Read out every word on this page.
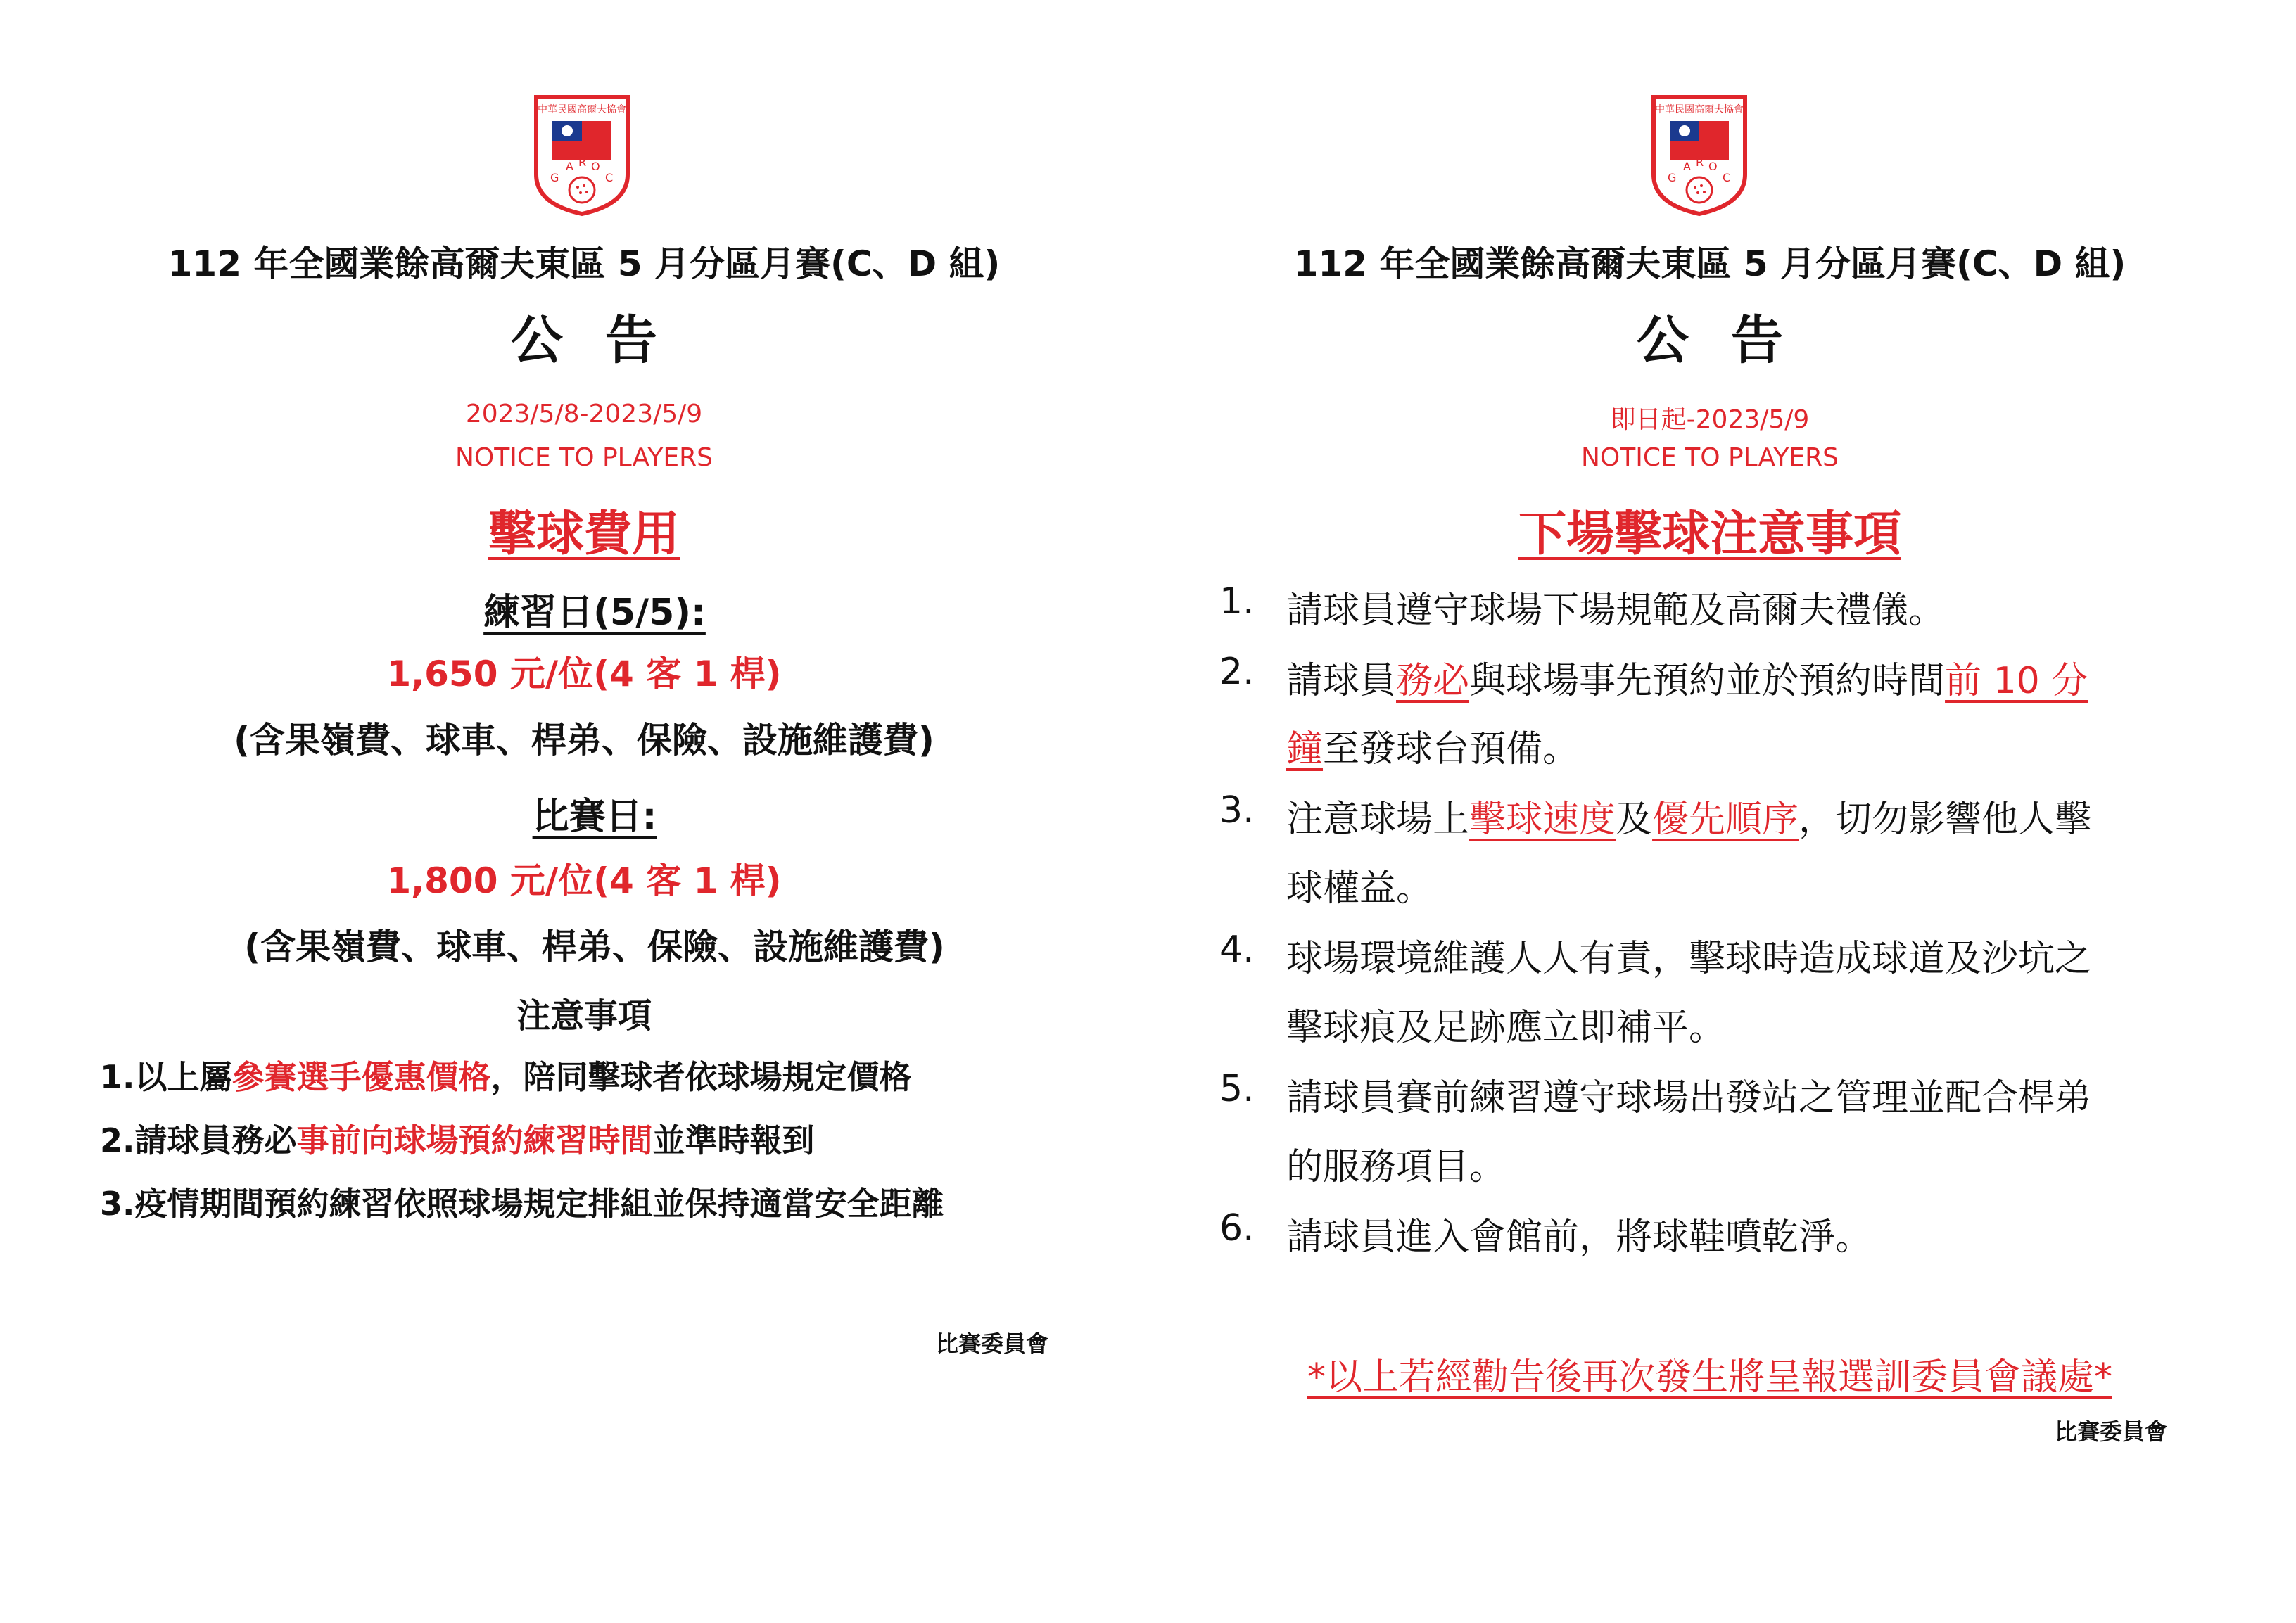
中華民國高爾夫協會
G
A R O
C
112 年全國業餘高爾夫東區 5 月分區月賽(C、D 組)
公告
2023/5/8-2023/5/9
NOTICE TO PLAYERS
擊球費用
練習日(5/5):
1,650 元/位(4 客 1 桿)
(含果嶺費、球車、桿弟、保險、設施維護費)
比賽日:
1,800 元/位(4 客 1 桿)
(含果嶺費、球車、桿弟、保險、設施維護費)
注意事項
1.以上屬參賽選手優惠價格，陪同擊球者依球場規定價格
2.請球員務必事前向球場預約練習時間並準時報到
3.疫情期間預約練習依照球場規定排組並保持適當安全距離
比賽委員會
中華民國高爾夫協會
G
A R O
C
112 年全國業餘高爾夫東區 5 月分區月賽(C、D 組)
公告
即日起-2023/5/9
NOTICE TO PLAYERS
下場擊球注意事項
1. 請球員遵守球場下場規範及高爾夫禮儀。
2. 請球員務必與球場事先預約並於預約時間前 10 分
鐘至發球台預備。
3. 注意球場上擊球速度及優先順序，切勿影響他人擊
球權益。
4. 球場環境維護人人有責，擊球時造成球道及沙坑之
擊球痕及足跡應立即補平。
5. 請球員賽前練習遵守球場出發站之管理並配合桿弟
的服務項目。
6. 請球員進入會館前，將球鞋噴乾淨。
*以上若經勸告後再次發生將呈報選訓委員會議處*
比賽委員會
